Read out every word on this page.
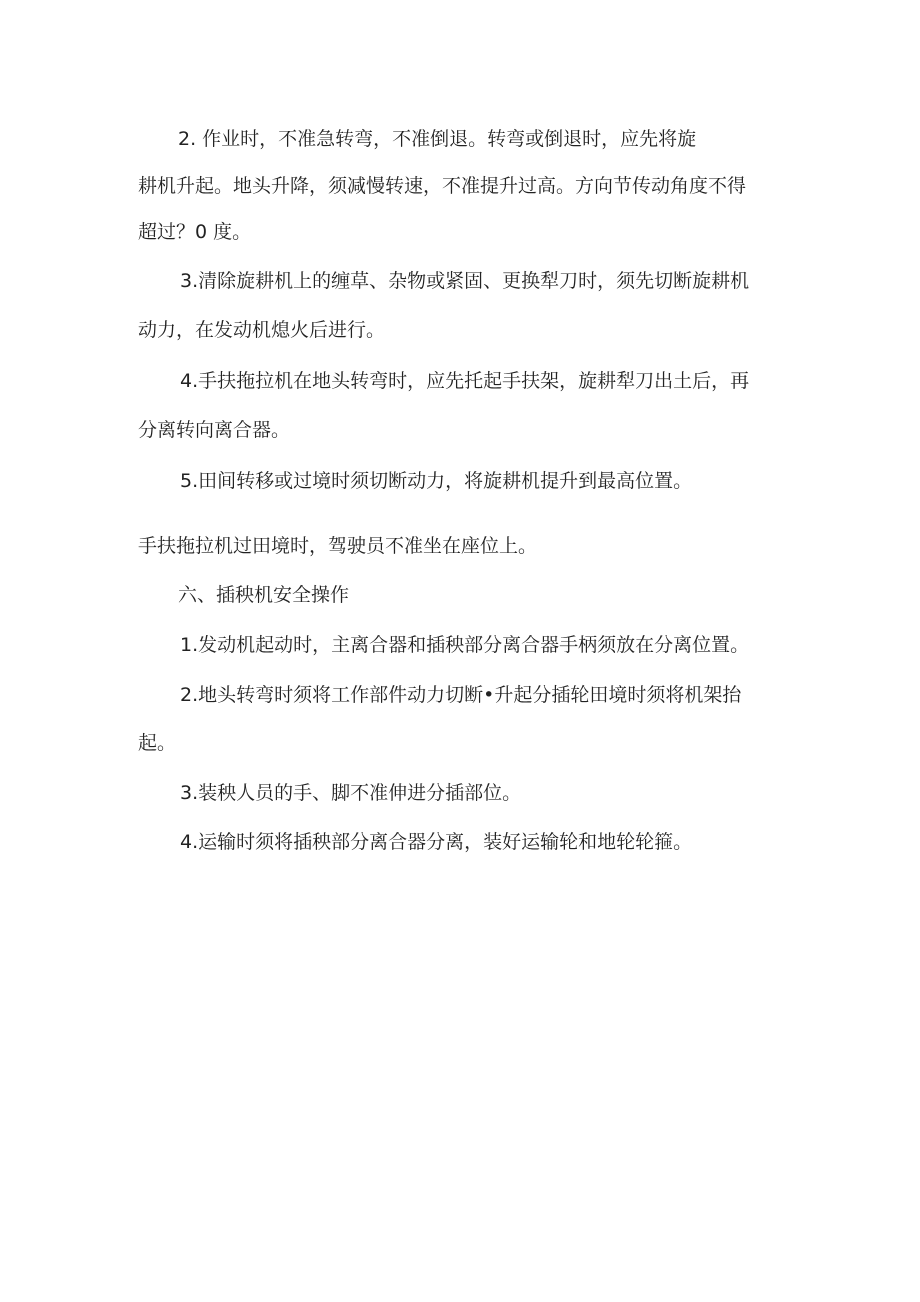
2. 作业时，不准急转弯，不准倒退。转弯或倒退时，应先将旋

耕机升起。地头升降，须减慢转速，不准提升过高。方向节传动角度不得

超过？0 度。

3.清除旋耕机上的缠草、杂物或紧固、更换犁刀时，须先切断旋耕机

动力，在发动机熄火后进行。

4.手扶拖拉机在地头转弯时，应先托起手扶架，旋耕犁刀出土后，再

分离转向离合器。

5.田间转移或过境时须切断动力，将旋耕机提升到最高位置。

手扶拖拉机过田境时，驾驶员不准坐在座位上。

六、插秧机安全操作

1.发动机起动时，主离合器和插秧部分离合器手柄须放在分离位置。

2.地头转弯时须将工作部件动力切断•升起分插轮田境时须将机架抬

起。

3.装秧人员的手、脚不准伸进分插部位。

4.运输时须将插秧部分离合器分离，装好运输轮和地轮轮箍。
